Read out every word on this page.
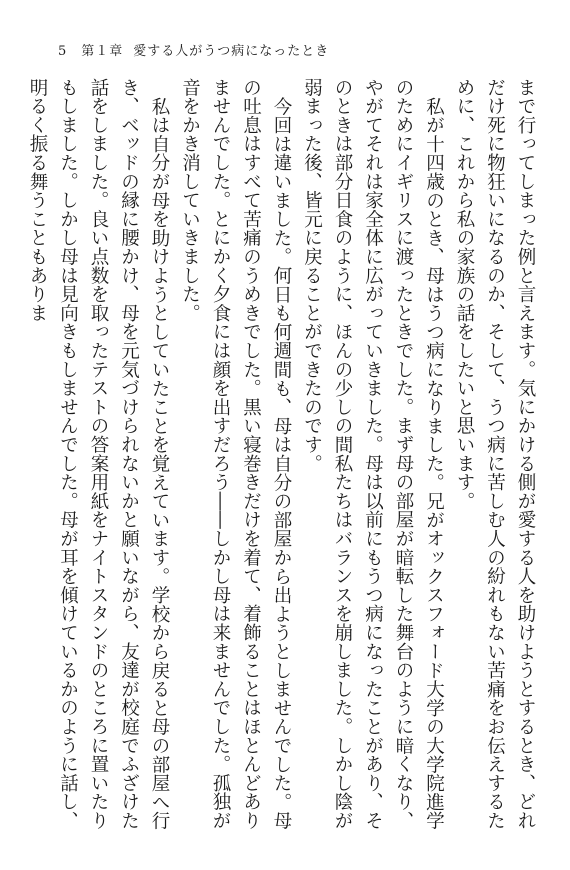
5 第１章 愛する人がうつ病になったとき

まで行ってしまった例と言えます。気にかける側が愛する人を助けようとするとき、どれだけ死に物狂いになるのか、そして、うつ病に苦しむ人の紛れもない苦痛をお伝えするために、これから私の家族の話をしたいと思います。

私が十四歳のとき、母はうつ病になりました。兄がオックスフォード大学の大学院進学のためにイギリスに渡ったときでした。まず母の部屋が暗転した舞台のように暗くなり、やがてそれは家全体に広がっていきました。母は以前にもうつ病になったことがあり、そのときは部分日食のように、ほんの少しの間私たちはバランスを崩しました。しかし陰が弱まった後、皆元に戻ることができたのです。

今回は違いました。何日も何週間も、母は自分の部屋から出ようとしませんでした。母の吐息はすべて苦痛のうめきでした。黒い寝巻きだけを着て、着飾ることはほとんどありませんでした。とにかく夕食には顔を出すだろう――しかし母は来ませんでした。孤独が音をかき消していきました。

私は自分が母を助けようとしていたことを覚えています。学校から戻ると母の部屋へ行き、ベッドの縁に腰かけ、母を元気づけられないかと願いながら、友達が校庭でふざけた話をしました。良い点数を取ったテストの答案用紙をナイトスタンドのところに置いたりもしました。しかし母は見向きもしませんでした。母が耳を傾けているかのように話し、明るく振る舞うこともありま
